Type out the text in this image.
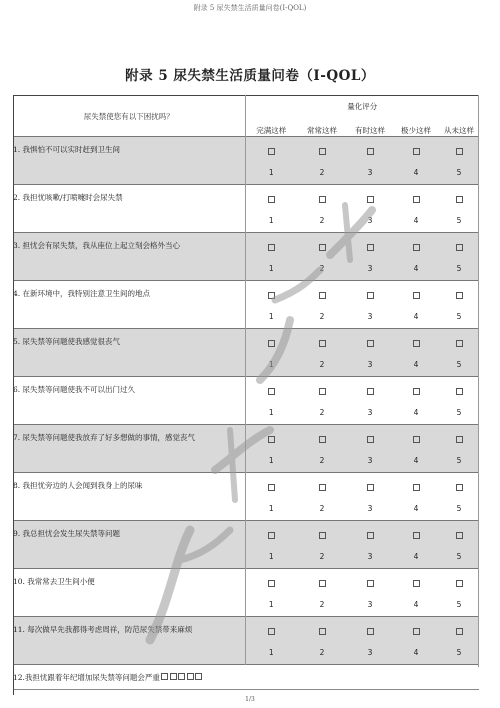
附录 5 尿失禁生活质量问卷(I-QOL)
附录 5 尿失禁生活质量问卷（I-QOL）
尿失禁使您有以下困扰吗？	量化评分				
	完满这样	常常这样	有时这样	极少这样	从未这样
1. 我惧怕不可以实时赶到卫生间					
	1	2	3	4	5
2. 我担忧咳嗽/打喷嚏时会尿失禁					
	1	2	3	4	5
3. 担忧会有尿失禁，我从座位上起立刻会格外当心					
	1	2	3	4	5
4. 在新环境中，我特别注意卫生间的地点					
	1	2	3	4	5
5. 尿失禁等问题使我感觉很丧气					
	1	2	3	4	5
6. 尿失禁等问题使我不可以出门过久					
	1	2	3	4	5
7. 尿失禁等问题使我放弃了好多想做的事情，感觉丧气					
	1	2	3	4	5
8. 我担忧旁边的人会闻到我身上的尿味					
	1	2	3	4	5
9. 我总担忧会发生尿失禁等问题					
	1	2	3	4	5
10. 我常常去卫生间小便					
	1	2	3	4	5
11. 每次做早先我都得考虑周祥，防范尿失禁带来麻烦					
	1	2	3	4	5
12.我担忧跟着年纪增加尿失禁等问题会严重					
1/3
